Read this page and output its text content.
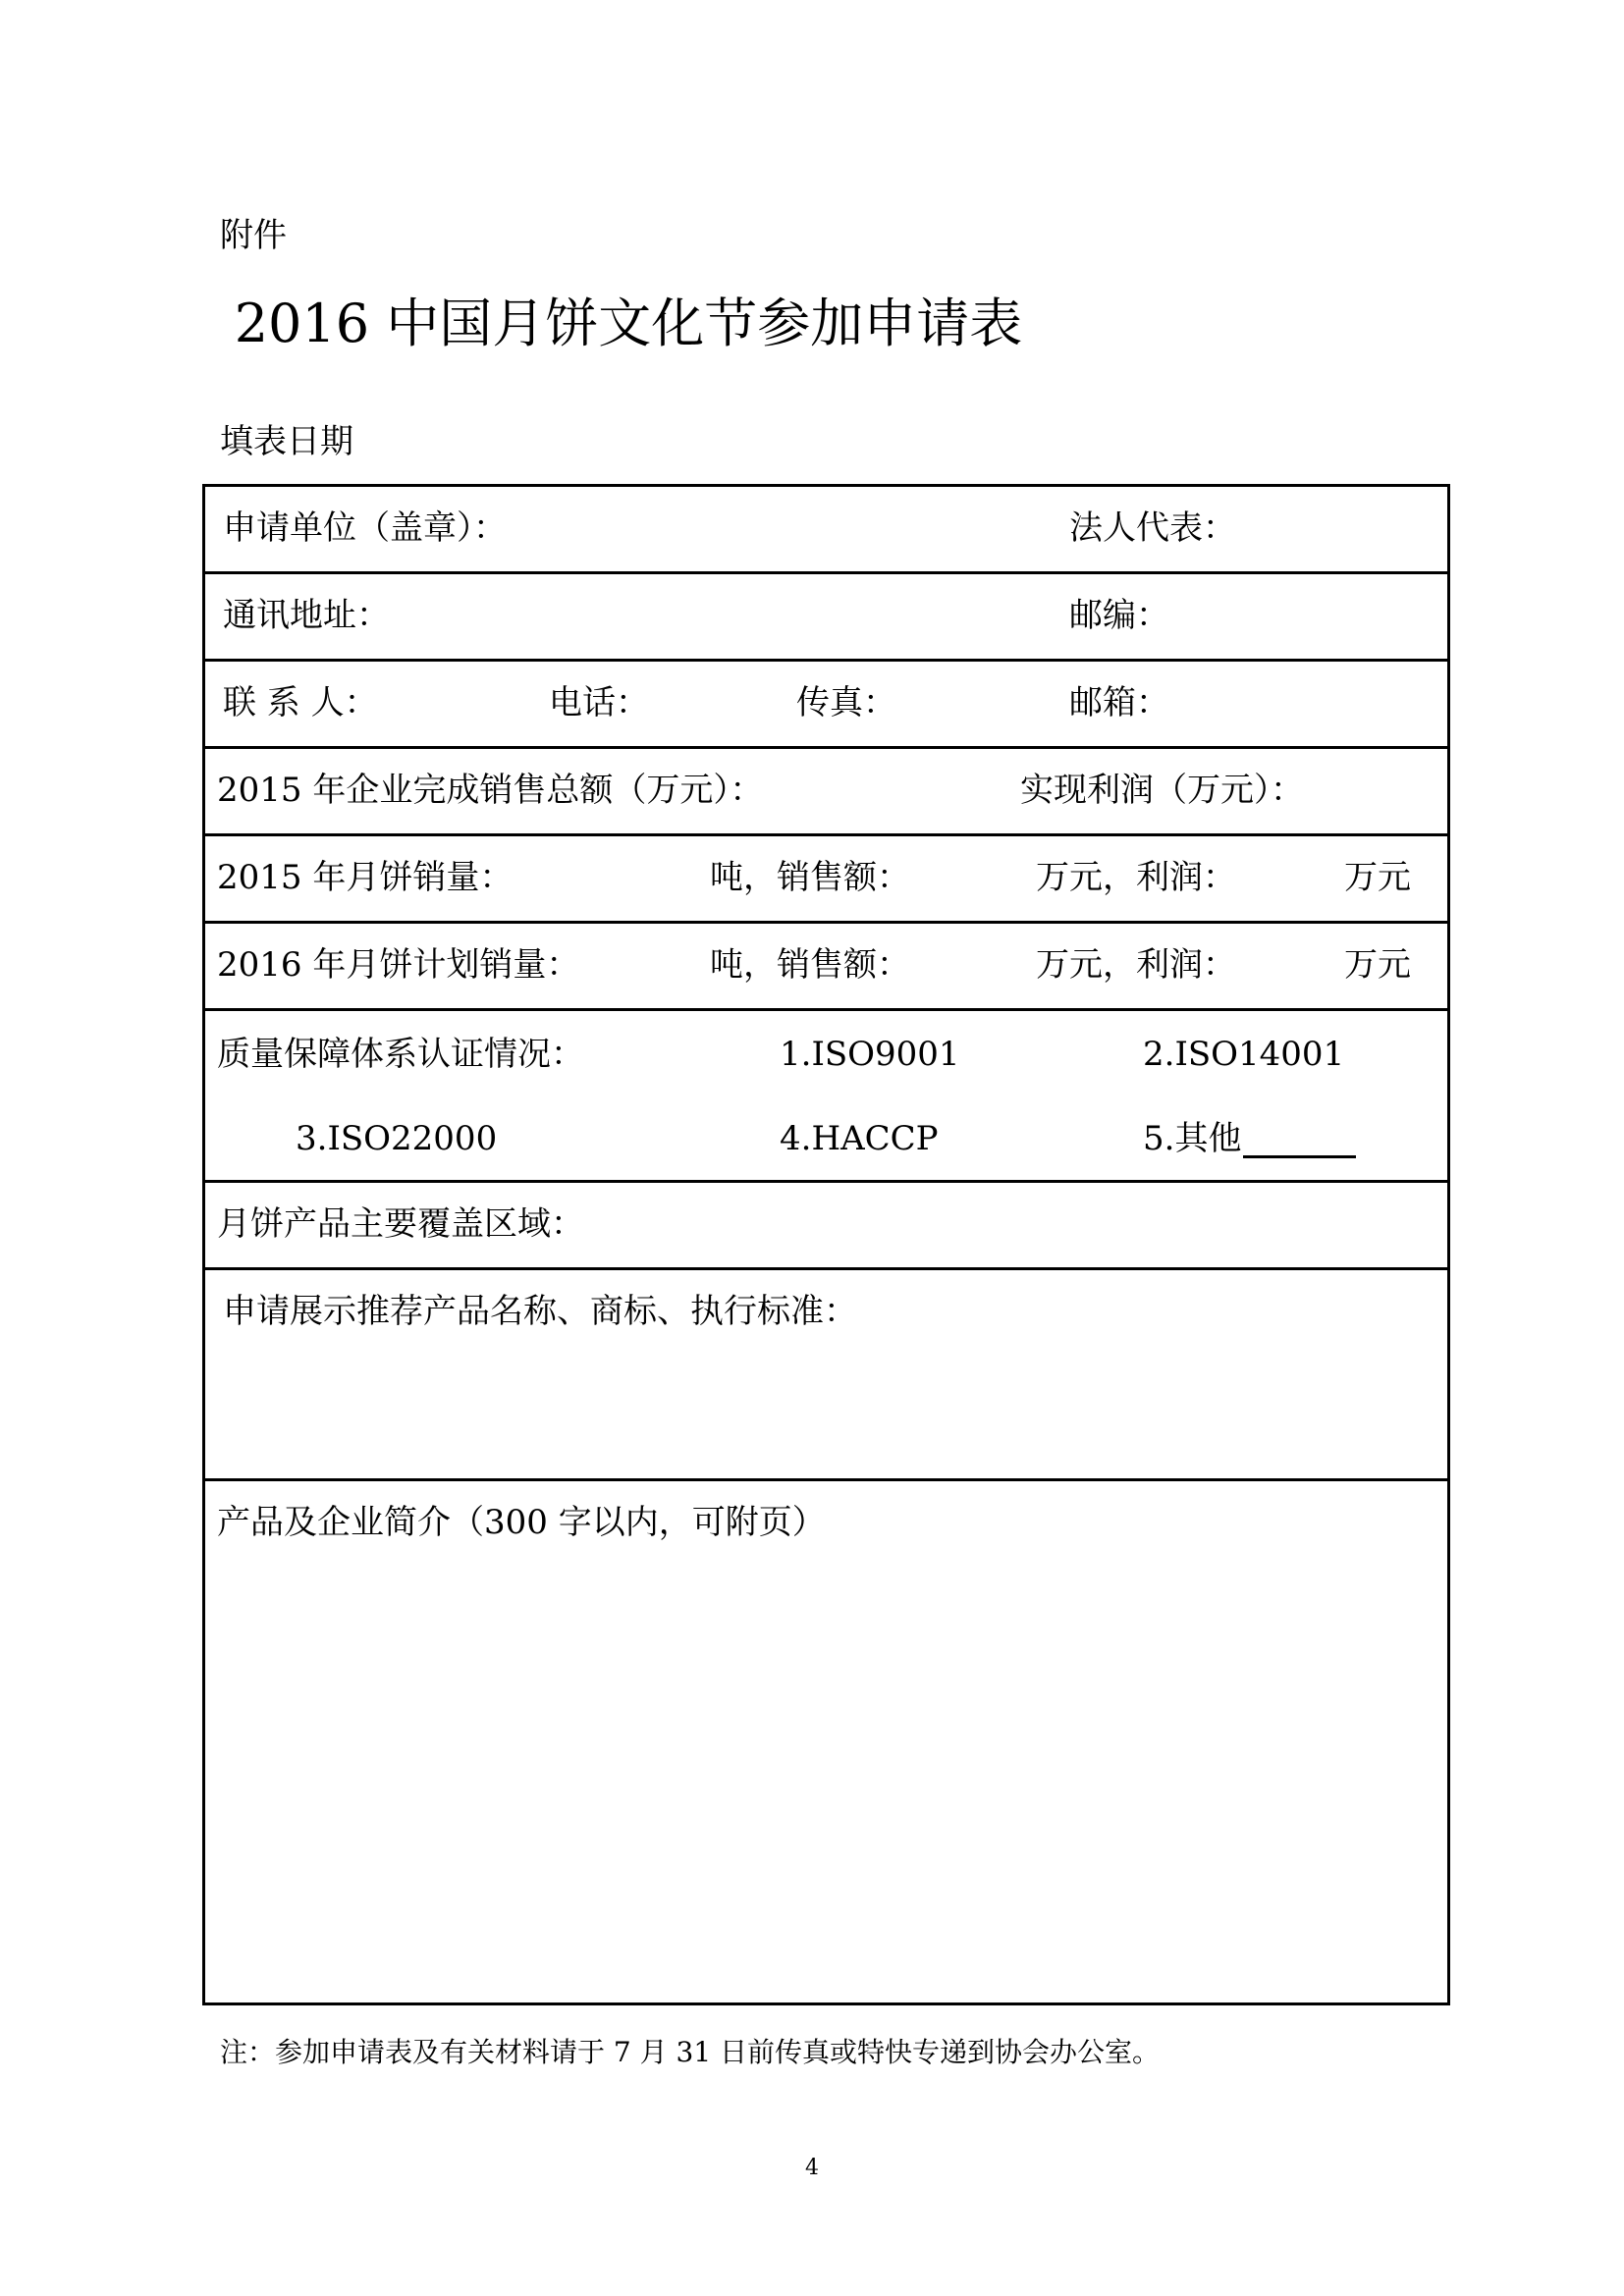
附件
2016 中国月饼文化节参加申请表
填表日期
申请单位（盖章）：	法人代表：
通讯地址：	邮编：
联 系 人：	电话：	传真：	邮箱：
2015 年企业完成销售总额（万元）：	实现利润（万元）：
2015 年月饼销量：	吨，销售额：	万元，利润：	万元
2016 年月饼计划销量：	吨，销售额：	万元，利润：	万元
质量保障体系认证情况：	1.ISO9001	2.ISO14001
3.ISO22000	4.HACCP	5.其他
月饼产品主要覆盖区域：
申请展示推荐产品名称、商标、执行标准：
产品及企业简介（300 字以内，可附页）
注：参加申请表及有关材料请于 7 月 31 日前传真或特快专递到协会办公室。
4
